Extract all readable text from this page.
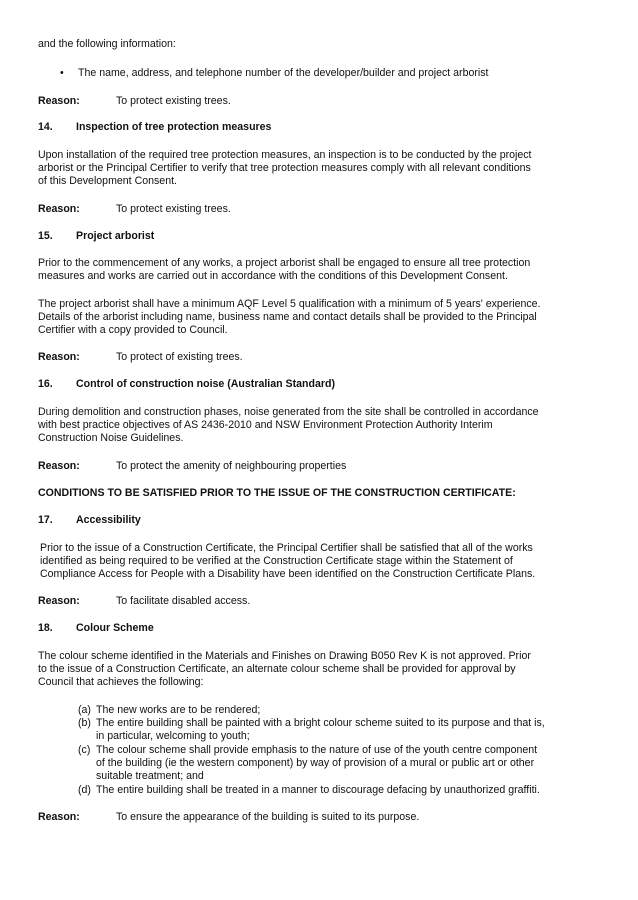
and the following information:
• The name, address, and telephone number of the developer/builder and project arborist
Reason:	To protect existing trees.
14. Inspection of tree protection measures
Upon installation of the required tree protection measures, an inspection is to be conducted by the project
arborist or the Principal Certifier to verify that tree protection measures comply with all relevant conditions
of this Development Consent.
Reason:	To protect existing trees.
15. Project arborist
Prior to the commencement of any works, a project arborist shall be engaged to ensure all tree protection
measures and works are carried out in accordance with the conditions of this Development Consent.
The project arborist shall have a minimum AQF Level 5 qualification with a minimum of 5 years' experience.
Details of the arborist including name, business name and contact details shall be provided to the Principal
Certifier with a copy provided to Council.
Reason:	To protect of existing trees.
16. Control of construction noise (Australian Standard)
During demolition and construction phases, noise generated from the site shall be controlled in accordance
with best practice objectives of AS 2436-2010 and NSW Environment Protection Authority Interim
Construction Noise Guidelines.
Reason:	To protect the amenity of neighbouring properties
CONDITIONS TO BE SATISFIED PRIOR TO THE ISSUE OF THE CONSTRUCTION CERTIFICATE:
17. Accessibility
Prior to the issue of a Construction Certificate, the Principal Certifier shall be satisfied that all of the works
identified as being required to be verified at the Construction Certificate stage within the Statement of
Compliance Access for People with a Disability have been identified on the Construction Certificate Plans.
Reason:	To facilitate disabled access.
18. Colour Scheme
The colour scheme identified in the Materials and Finishes on Drawing B050 Rev K is not approved. Prior
to the issue of a Construction Certificate, an alternate colour scheme shall be provided for approval by
Council that achieves the following:
(a) The new works are to be rendered;
(b) The entire building shall be painted with a bright colour scheme suited to its purpose and that is,
in particular, welcoming to youth;
(c) The colour scheme shall provide emphasis to the nature of use of the youth centre component
of the building (ie the western component) by way of provision of a mural or public art or other
suitable treatment; and
(d) The entire building shall be treated in a manner to discourage defacing by unauthorized graffiti.
Reason:	To ensure the appearance of the building is suited to its purpose.
